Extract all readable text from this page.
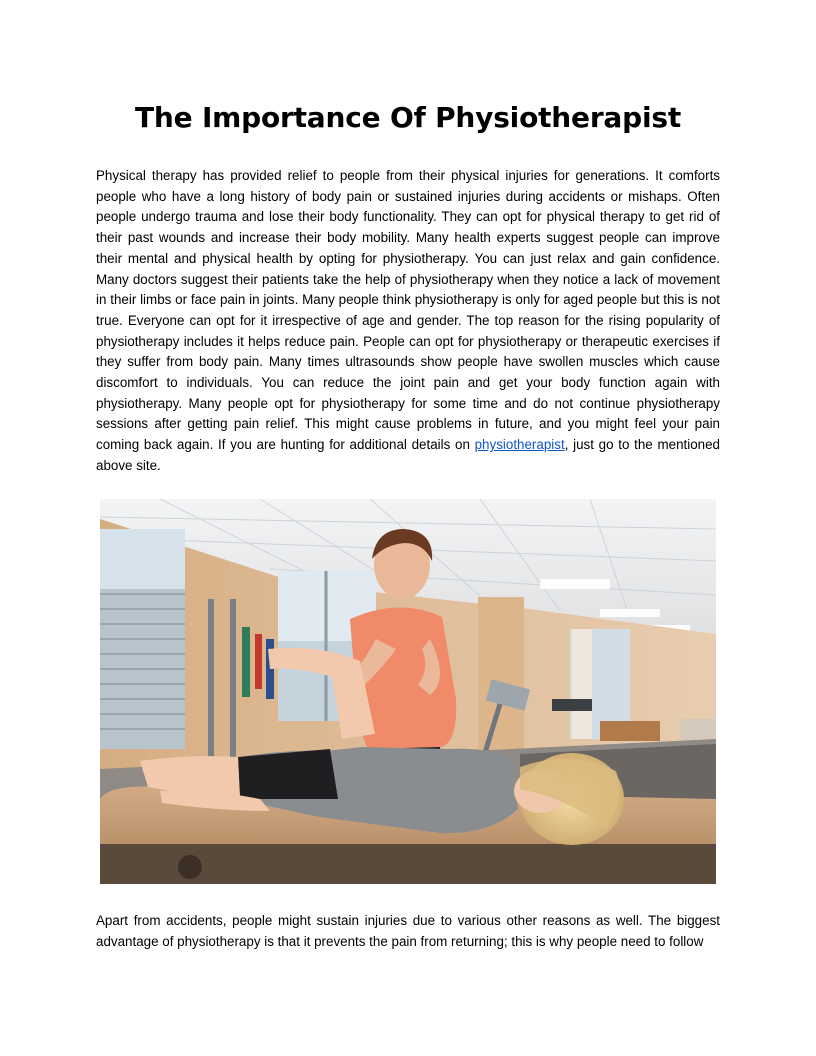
The Importance Of Physiotherapist

Physical therapy has provided relief to people from their physical injuries for generations. It comforts people who have a long history of body pain or sustained injuries during accidents or mishaps. Often people undergo trauma and lose their body functionality. They can opt for physical therapy to get rid of their past wounds and increase their body mobility. Many health experts suggest people can improve their mental and physical health by opting for physiotherapy. You can just relax and gain confidence. Many doctors suggest their patients take the help of physiotherapy when they notice a lack of movement in their limbs or face pain in joints. Many people think physiotherapy is only for aged people but this is not true. Everyone can opt for it irrespective of age and gender. The top reason for the rising popularity of physiotherapy includes it helps reduce pain. People can opt for physiotherapy or therapeutic exercises if they suffer from body pain. Many times ultrasounds show people have swollen muscles which cause discomfort to individuals. You can reduce the joint pain and get your body function again with physiotherapy. Many people opt for physiotherapy for some time and do not continue physiotherapy sessions after getting pain relief. This might cause problems in future, and you might feel your pain coming back again. If you are hunting for additional details on physiotherapist, just go to the mentioned above site.

Apart from accidents, people might sustain injuries due to various other reasons as well. The biggest advantage of physiotherapy is that it prevents the pain from returning; this is why people need to follow
